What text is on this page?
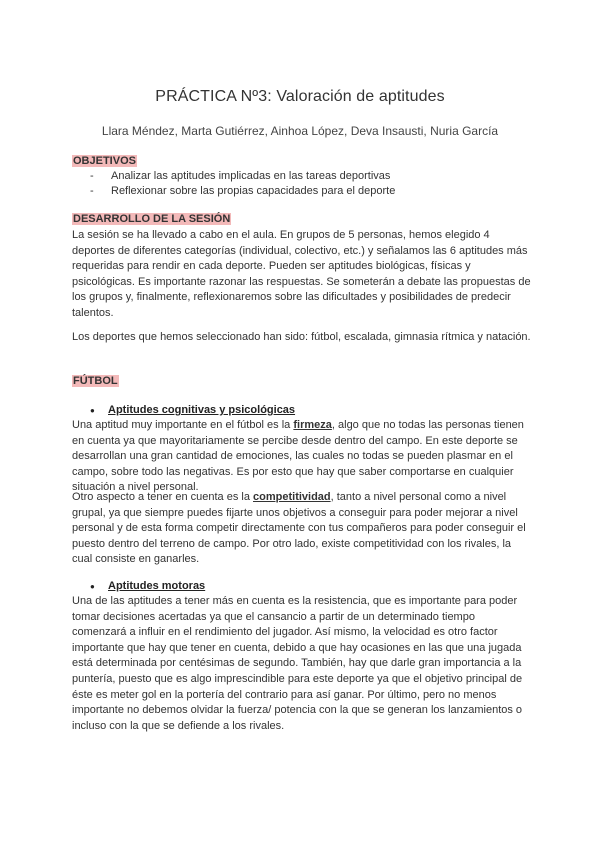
PRÁCTICA Nº3: Valoración de aptitudes
Llara Méndez, Marta Gutiérrez, Ainhoa López, Deva Insausti, Nuria García
OBJETIVOS
-	Analizar las aptitudes implicadas en las tareas deportivas
-	Reflexionar sobre las propias capacidades para el deporte
DESARROLLO DE LA SESIÓN
La sesión se ha llevado a cabo en el aula. En grupos de 5 personas, hemos elegido 4 deportes de diferentes categorías (individual, colectivo, etc.) y señalamos las 6 aptitudes más requeridas para rendir en cada deporte. Pueden ser aptitudes biológicas, físicas y psicológicas. Es importante razonar las respuestas. Se someterán a debate las propuestas de los grupos y, finalmente, reflexionaremos sobre las dificultades y posibilidades de predecir talentos.
Los deportes que hemos seleccionado han sido: fútbol, escalada, gimnasia rítmica y natación.
FÚTBOL
●	Aptitudes cognitivas y psicológicas
Una aptitud muy importante en el fútbol es la firmeza, algo que no todas las personas tienen en cuenta ya que mayoritariamente se percibe desde dentro del campo. En este deporte se desarrollan una gran cantidad de emociones, las cuales no todas se pueden plasmar en el campo, sobre todo las negativas. Es por esto que hay que saber comportarse en cualquier situación a nivel personal.
Otro aspecto a tener en cuenta es la competitividad, tanto a nivel personal como a nivel grupal, ya que siempre puedes fijarte unos objetivos a conseguir para poder mejorar a nivel personal y de esta forma competir directamente con tus compañeros para poder conseguir el puesto dentro del terreno de campo. Por otro lado, existe competitividad con los rivales, la cual consiste en ganarles.
●	Aptitudes motoras
Una de las aptitudes a tener más en cuenta es la resistencia, que es importante para poder tomar decisiones acertadas ya que el cansancio a partir de un determinado tiempo comenzará a influir en el rendimiento del jugador. Así mismo, la velocidad es otro factor importante que hay que tener en cuenta, debido a que hay ocasiones en las que una jugada está determinada por centésimas de segundo. También, hay que darle gran importancia a la puntería, puesto que es algo imprescindible para este deporte ya que el objetivo principal de éste es meter gol en la portería del contrario para así ganar. Por último, pero no menos importante no debemos olvidar la fuerza/ potencia con la que se generan los lanzamientos o incluso con la que se defiende a los rivales.
